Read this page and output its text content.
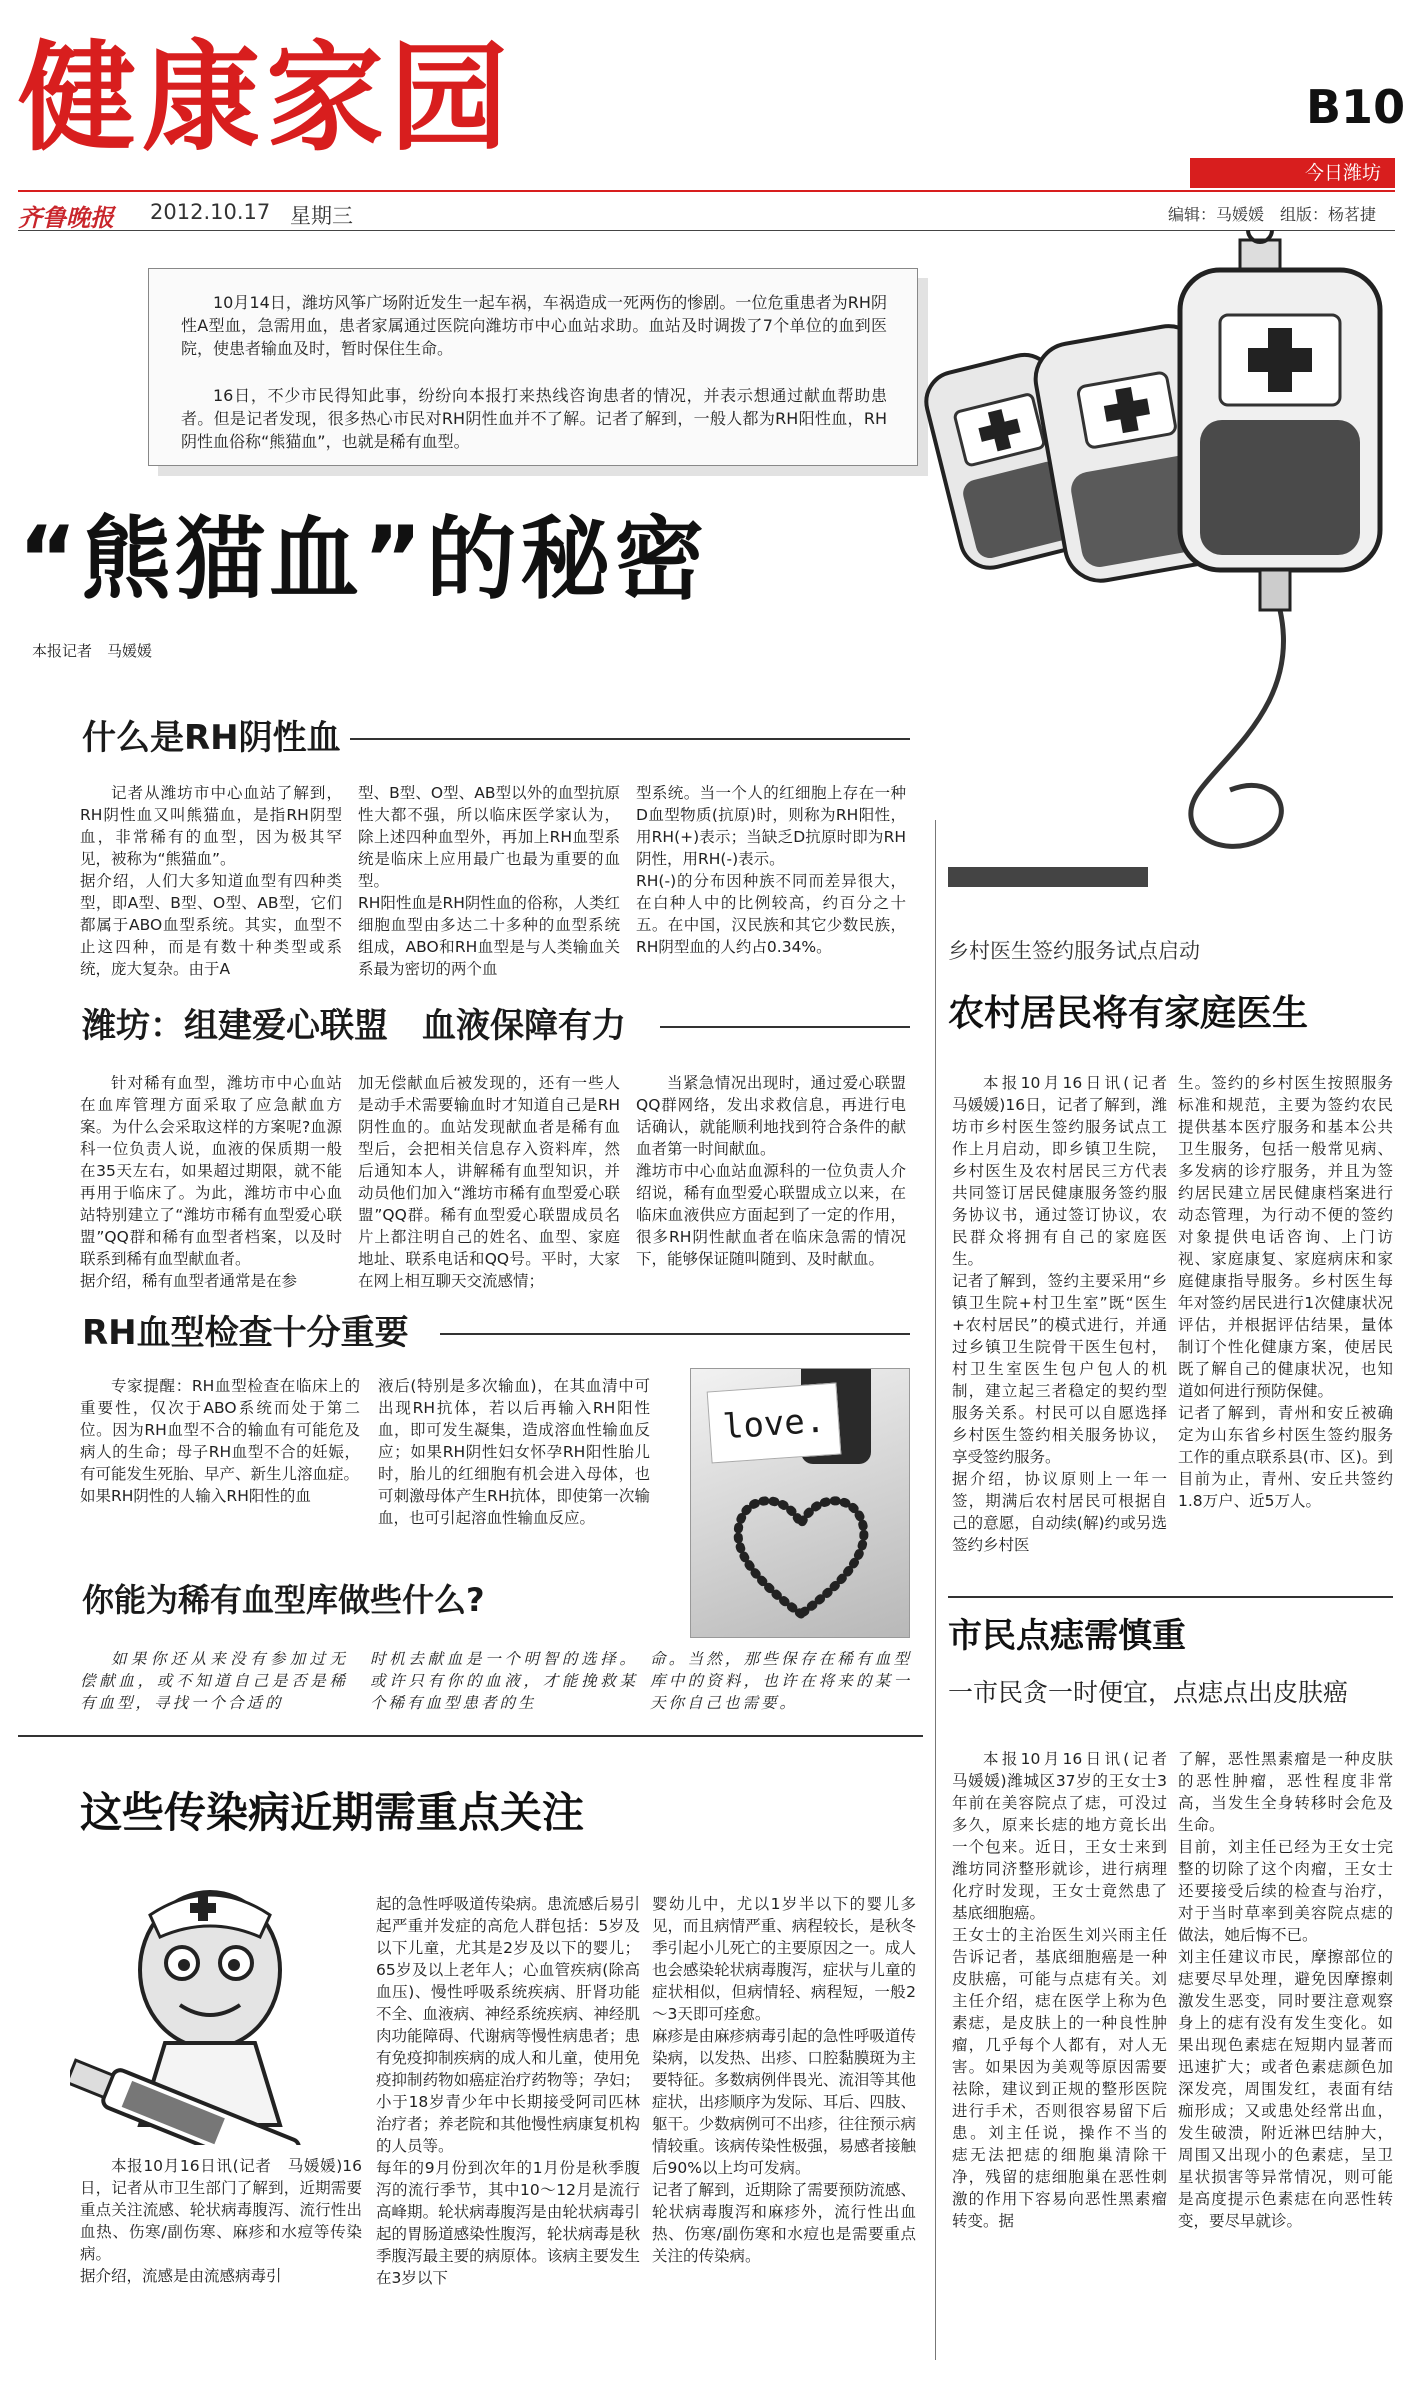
健康家园	B10
今日潍坊
齐鲁晚报 2012.10.17 星期三	编辑：马媛媛　组版：杨茗捷
10月14日，潍坊风筝广场附近发生一起车祸，车祸造成一死两伤的惨剧。一位危重患者为RH阴性A型血，急需用血，患者家属通过医院向潍坊市中心血站求助。血站及时调拨了7个单位的血到医院，使患者输血及时，暂时保住生命。
16日，不少市民得知此事，纷纷向本报打来热线咨询患者的情况，并表示想通过献血帮助患者。但是记者发现，很多热心市民对RH阴性血并不了解。记者了解到，一般人都为RH阳性血，RH阴性血俗称“熊猫血”，也就是稀有血型。
“熊猫血”的秘密
本报记者　马媛媛
什么是RH阴性血
记者从潍坊市中心血站了解到，RH阴性血又叫熊猫血，是指RH阴型血，非常稀有的血型，因为极其罕见，被称为“熊猫血”。
据介绍，人们大多知道血型有四种类型，即A型、B型、O型、AB型，它们都属于ABO血型系统。其实，血型不止这四种，而是有数十种类型或系统，庞大复杂。由于A
型、B型、O型、AB型以外的血型抗原性大都不强，所以临床医学家认为，除上述四种血型外，再加上RH血型系统是临床上应用最广也最为重要的血型。
RH阳性血是RH阴性血的俗称，人类红细胞血型由多达二十多种的血型系统组成，ABO和RH血型是与人类输血关系最为密切的两个血
型系统。当一个人的红细胞上存在一种D血型物质(抗原)时，则称为RH阳性，用RH(+)表示；当缺乏D抗原时即为RH阴性，用RH(-)表示。
RH(-)的分布因种族不同而差异很大，在白种人中的比例较高，约百分之十五。在中国，汉民族和其它少数民族，RH阴型血的人约占0.34%。
潍坊：组建爱心联盟　血液保障有力
针对稀有血型，潍坊市中心血站在血库管理方面采取了应急献血方案。为什么会采取这样的方案呢?血源科一位负责人说，血液的保质期一般在35天左右，如果超过期限，就不能再用于临床了。为此，潍坊市中心血站特别建立了“潍坊市稀有血型爱心联盟”QQ群和稀有血型者档案，以及时联系到稀有血型献血者。
据介绍，稀有血型者通常是在参
加无偿献血后被发现的，还有一些人是动手术需要输血时才知道自己是RH阴性血的。血站发现献血者是稀有血型后，会把相关信息存入资料库，然后通知本人，讲解稀有血型知识，并动员他们加入“潍坊市稀有血型爱心联盟”QQ群。稀有血型爱心联盟成员名片上都注明自己的姓名、血型、家庭地址、联系电话和QQ号。平时，大家在网上相互聊天交流感情；
当紧急情况出现时，通过爱心联盟QQ群网络，发出求救信息，再进行电话确认，就能顺利地找到符合条件的献血者第一时间献血。
潍坊市中心血站血源科的一位负责人介绍说，稀有血型爱心联盟成立以来，在临床血液供应方面起到了一定的作用，很多RH阴性献血者在临床急需的情况下，能够保证随叫随到、及时献血。
RH血型检查十分重要
专家提醒：RH血型检查在临床上的重要性，仅次于ABO系统而处于第二位。因为RH血型不合的输血有可能危及病人的生命；母子RH血型不合的妊娠，有可能发生死胎、早产、新生儿溶血症。
如果RH阴性的人输入RH阳性的血
液后(特别是多次输血)，在其血清中可出现RH抗体，若以后再输入RH阳性血，即可发生凝集，造成溶血性输血反应；如果RH阴性妇女怀孕RH阳性胎儿时，胎儿的红细胞有机会进入母体，也可刺激母体产生RH抗体，即使第一次输血，也可引起溶血性输血反应。
love.
你能为稀有血型库做些什么?
如果你还从来没有参加过无偿献血，或不知道自己是否是稀有血型，寻找一个合适的
时机去献血是一个明智的选择。或许只有你的血液，才能挽救某个稀有血型患者的生
命。当然，那些保存在稀有血型库中的资料，也许在将来的某一天你自己也需要。
这些传染病近期需重点关注
本报10月16日讯(记者　马媛媛)16日，记者从市卫生部门了解到，近期需要重点关注流感、轮状病毒腹泻、流行性出血热、伤寒/副伤寒、麻疹和水痘等传染病。
据介绍，流感是由流感病毒引
起的急性呼吸道传染病。患流感后易引起严重并发症的高危人群包括：5岁及以下儿童，尤其是2岁及以下的婴儿；65岁及以上老年人；心血管疾病(除高血压)、慢性呼吸系统疾病、肝肾功能不全、血液病、神经系统疾病、神经肌肉功能障碍、代谢病等慢性病患者；患有免疫抑制疾病的成人和儿童，使用免疫抑制药物如癌症治疗药物等；孕妇；小于18岁青少年中长期接受阿司匹林治疗者；养老院和其他慢性病康复机构的人员等。
每年的9月份到次年的1月份是秋季腹泻的流行季节，其中10～12月是流行高峰期。轮状病毒腹泻是由轮状病毒引起的胃肠道感染性腹泻，轮状病毒是秋季腹泻最主要的病原体。该病主要发生在3岁以下
婴幼儿中，尤以1岁半以下的婴儿多见，而且病情严重、病程较长，是秋冬季引起小儿死亡的主要原因之一。成人也会感染轮状病毒腹泻，症状与儿童的症状相似，但病情轻、病程短，一般2～3天即可痊愈。
麻疹是由麻疹病毒引起的急性呼吸道传染病，以发热、出疹、口腔黏膜斑为主要特征。多数病例伴畏光、流泪等其他症状，出疹顺序为发际、耳后、四肢、躯干。少数病例可不出疹，往往预示病情较重。该病传染性极强，易感者接触后90%以上均可发病。
记者了解到，近期除了需要预防流感、轮状病毒腹泻和麻疹外，流行性出血热、伤寒/副伤寒和水痘也是需要重点关注的传染病。
乡村医生签约服务试点启动
农村居民将有家庭医生
本报10月16日讯(记者　马媛媛)16日，记者了解到，潍坊市乡村医生签约服务试点工作上月启动，即乡镇卫生院，乡村医生及农村居民三方代表共同签订居民健康服务签约服务协议书，通过签订协议，农民群众将拥有自己的家庭医生。
记者了解到，签约主要采用“乡镇卫生院+村卫生室”既“医生+农村居民”的模式进行，并通过乡镇卫生院骨干医生包村，村卫生室医生包户包人的机制，建立起三者稳定的契约型服务关系。村民可以自愿选择乡村医生签约相关服务协议，享受签约服务。
据介绍，协议原则上一年一签，期满后农村居民可根据自己的意愿，自动续(解)约或另选签约乡村医
生。签约的乡村医生按照服务标准和规范，主要为签约农民提供基本医疗服务和基本公共卫生服务，包括一般常见病、多发病的诊疗服务，并且为签约居民建立居民健康档案进行动态管理，为行动不便的签约对象提供电话咨询、上门访视、家庭康复、家庭病床和家庭健康指导服务。乡村医生每年对签约居民进行1次健康状况评估，并根据评估结果，量体制订个性化健康方案，使居民既了解自己的健康状况，也知道如何进行预防保健。
记者了解到，青州和安丘被确定为山东省乡村医生签约服务工作的重点联系县(市、区)。到目前为止，青州、安丘共签约1.8万户、近5万人。
市民点痣需慎重
一市民贪一时便宜，点痣点出皮肤癌
本报10月16日讯(记者　马媛媛)潍城区37岁的王女士3年前在美容院点了痣，可没过多久，原来长痣的地方竟长出一个包来。近日，王女士来到潍坊同济整形就诊，进行病理化疗时发现，王女士竟然患了基底细胞癌。
王女士的主治医生刘兴雨主任告诉记者，基底细胞癌是一种皮肤癌，可能与点痣有关。刘主任介绍，痣在医学上称为色素痣，是皮肤上的一种良性肿瘤，几乎每个人都有，对人无害。如果因为美观等原因需要祛除，建议到正规的整形医院进行手术，否则很容易留下后患。刘主任说，操作不当的　痣无法把痣的细胞巢清除干净，残留的痣细胞巢在恶性刺激的作用下容易向恶性黑素瘤转变。据
了解，恶性黑素瘤是一种皮肤的恶性肿瘤，恶性程度非常高，当发生全身转移时会危及生命。
目前，刘主任已经为王女士完整的切除了这个肉瘤，王女士还要接受后续的检查与治疗，对于当时草率到美容院点痣的做法，她后悔不已。
刘主任建议市民，摩擦部位的痣要尽早处理，避免因摩擦刺激发生恶变，同时要注意观察身上的痣有没有发生变化。如果出现色素痣在短期内显著而迅速扩大；或者色素痣颜色加深发亮，周围发红，表面有结痂形成；又或患处经常出血，发生破溃，附近淋巴结肿大，周围又出现小的色素痣，呈卫星状损害等异常情况，则可能是高度提示色素痣在向恶性转变，要尽早就诊。
